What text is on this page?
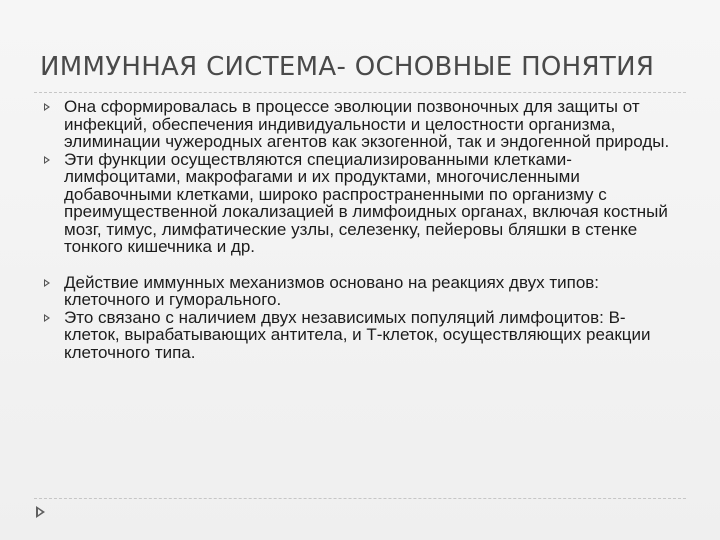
ИММУННАЯ СИСТЕМА- ОСНОВНЫЕ ПОНЯТИЯ
Она сформировалась в процессе эволюции позвоночных для защиты от инфекций, обеспечения индивидуальности и целостности организма, элиминации чужеродных агентов как экзогенной, так и эндогенной природы.
Эти функции осуществляются специализированными клетками-лимфоцитами, макрофагами и их продуктами, многочисленными добавочными клетками, широко распространенными по организму с преимущественной локализацией в лимфоидных органах, включая костный мозг, тимус, лимфатические узлы, селезенку, пейеровы бляшки в стенке тонкого кишечника и др.
Действие иммунных механизмов основано на реакциях двух типов: клеточного и гуморального.
Это связано с наличием двух независимых популяций лимфоцитов: В-клеток, вырабатывающих антитела, и Т-клеток, осуществляющих реакции клеточного типа.
